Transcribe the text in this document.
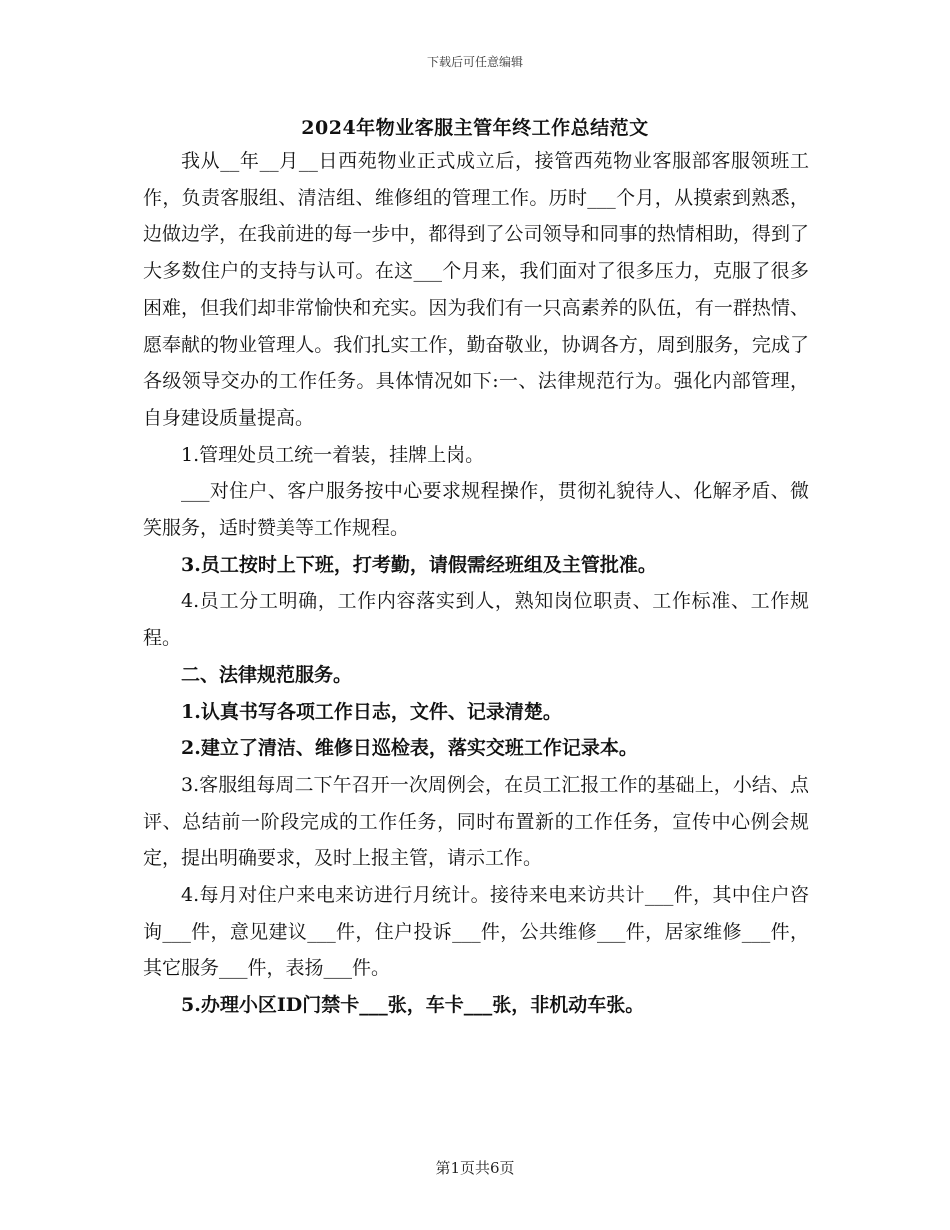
下载后可任意编辑
2024年物业客服主管年终工作总结范文

我从__年__月__日西苑物业正式成立后，接管西苑物业客服部客服领班工作，负责客服组、清洁组、维修组的管理工作。历时___个月，从摸索到熟悉，边做边学，在我前进的每一步中，都得到了公司领导和同事的热情相助，得到了大多数住户的支持与认可。在这___个月来，我们面对了很多压力，克服了很多困难，但我们却非常愉快和充实。因为我们有一只高素养的队伍，有一群热情、愿奉献的物业管理人。我们扎实工作，勤奋敬业，协调各方，周到服务，完成了各级领导交办的工作任务。具体情况如下:一、法律规范行为。强化内部管理，自身建设质量提高。

1.管理处员工统一着装，挂牌上岗。

___对住户、客户服务按中心要求规程操作，贯彻礼貌待人、化解矛盾、微笑服务，适时赞美等工作规程。

3.员工按时上下班，打考勤，请假需经班组及主管批准。

4.员工分工明确，工作内容落实到人，熟知岗位职责、工作标准、工作规程。

二、法律规范服务。

1.认真书写各项工作日志，文件、记录清楚。

2.建立了清洁、维修日巡检表，落实交班工作记录本。

3.客服组每周二下午召开一次周例会，在员工汇报工作的基础上，小结、点评、总结前一阶段完成的工作任务，同时布置新的工作任务，宣传中心例会规定，提出明确要求，及时上报主管，请示工作。

4.每月对住户来电来访进行月统计。接待来电来访共计___件，其中住户咨询___件，意见建议___件，住户投诉___件，公共维修___件，居家维修___件，其它服务___件，表扬___件。

5.办理小区ID门禁卡___张，车卡___张，非机动车张。

第1页共6页
